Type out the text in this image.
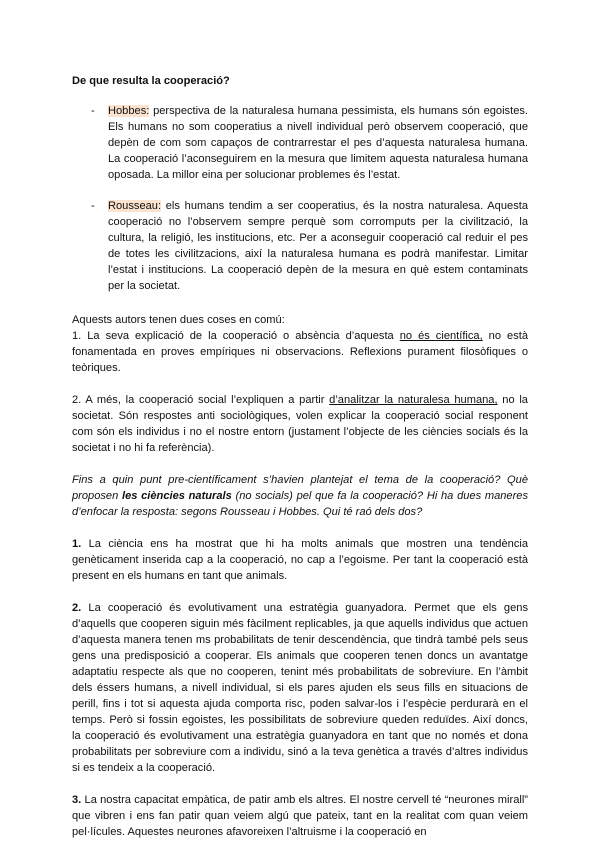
De que resulta la cooperació?

- Hobbes: perspectiva de la naturalesa humana pessimista, els humans són egoistes. Els humans no som cooperatius a nivell individual però observem cooperació, que depèn de com som capaços de contrarrestar el pes d’aquesta naturalesa humana. La cooperació l’aconseguirem en la mesura que limitem aquesta naturalesa humana oposada. La millor eina per solucionar problemes és l’estat.

- Rousseau: els humans tendim a ser cooperatius, és la nostra naturalesa. Aquesta cooperació no l’observem sempre perquè som corromputs per la civilització, la cultura, la religió, les institucions, etc. Per a aconseguir cooperació cal reduir el pes de totes les civilitzacions, així la naturalesa humana es podrà manifestar. Limitar l’estat i institucions. La cooperació depèn de la mesura en què estem contaminats per la societat.

Aquests autors tenen dues coses en comú:

1. La seva explicació de la cooperació o absència d’aquesta no és científica, no està fonamentada en proves empíriques ni observacions. Reflexions purament filosòfiques o teòriques.

2. A més, la cooperació social l’expliquen a partir d’analitzar la naturalesa humana, no la societat. Són respostes anti sociològiques, volen explicar la cooperació social responent com són els individus i no el nostre entorn (justament l’objecte de les ciències socials és la societat i no hi fa referència).

Fins a quin punt pre-científicament s’havien plantejat el tema de la cooperació? Què proposen les ciències naturals (no socials) pel que fa la cooperació? Hi ha dues maneres d’enfocar la resposta: segons Rousseau i Hobbes. Qui té raó dels dos?

1. La ciència ens ha mostrat que hi ha molts animals que mostren una tendència genèticament inserida cap a la cooperació, no cap a l’egoisme. Per tant la cooperació està present en els humans en tant que animals.

2. La cooperació és evolutivament una estratègia guanyadora. Permet que els gens d’aquells que cooperen siguin més fàcilment replicables, ja que aquells individus que actuen d’aquesta manera tenen ms probabilitats de tenir descendència, que tindrà també pels seus gens una predisposició a cooperar. Els animals que cooperen tenen doncs un avantatge adaptatiu respecte als que no cooperen, tenint més probabilitats de sobreviure. En l’àmbit dels éssers humans, a nivell individual, si els pares ajuden els seus fills en situacions de perill, fins i tot si aquesta ajuda comporta risc, poden salvar-los i l’espècie perdurarà en el temps. Però si fossin egoistes, les possibilitats de sobreviure queden reduïdes. Així doncs, la cooperació és evolutivament una estratègia guanyadora en tant que no només et dona probabilitats per sobreviure com a individu, sinó a la teva genètica a través d’altres individus si es tendeix a la cooperació.

3. La nostra capacitat empàtica, de patir amb els altres. El nostre cervell té “neurones mirall” que vibren i ens fan patir quan veiem algú que pateix, tant en la realitat com quan veiem pel·lícules. Aquestes neurones afavoreixen l’altruisme i la cooperació en
